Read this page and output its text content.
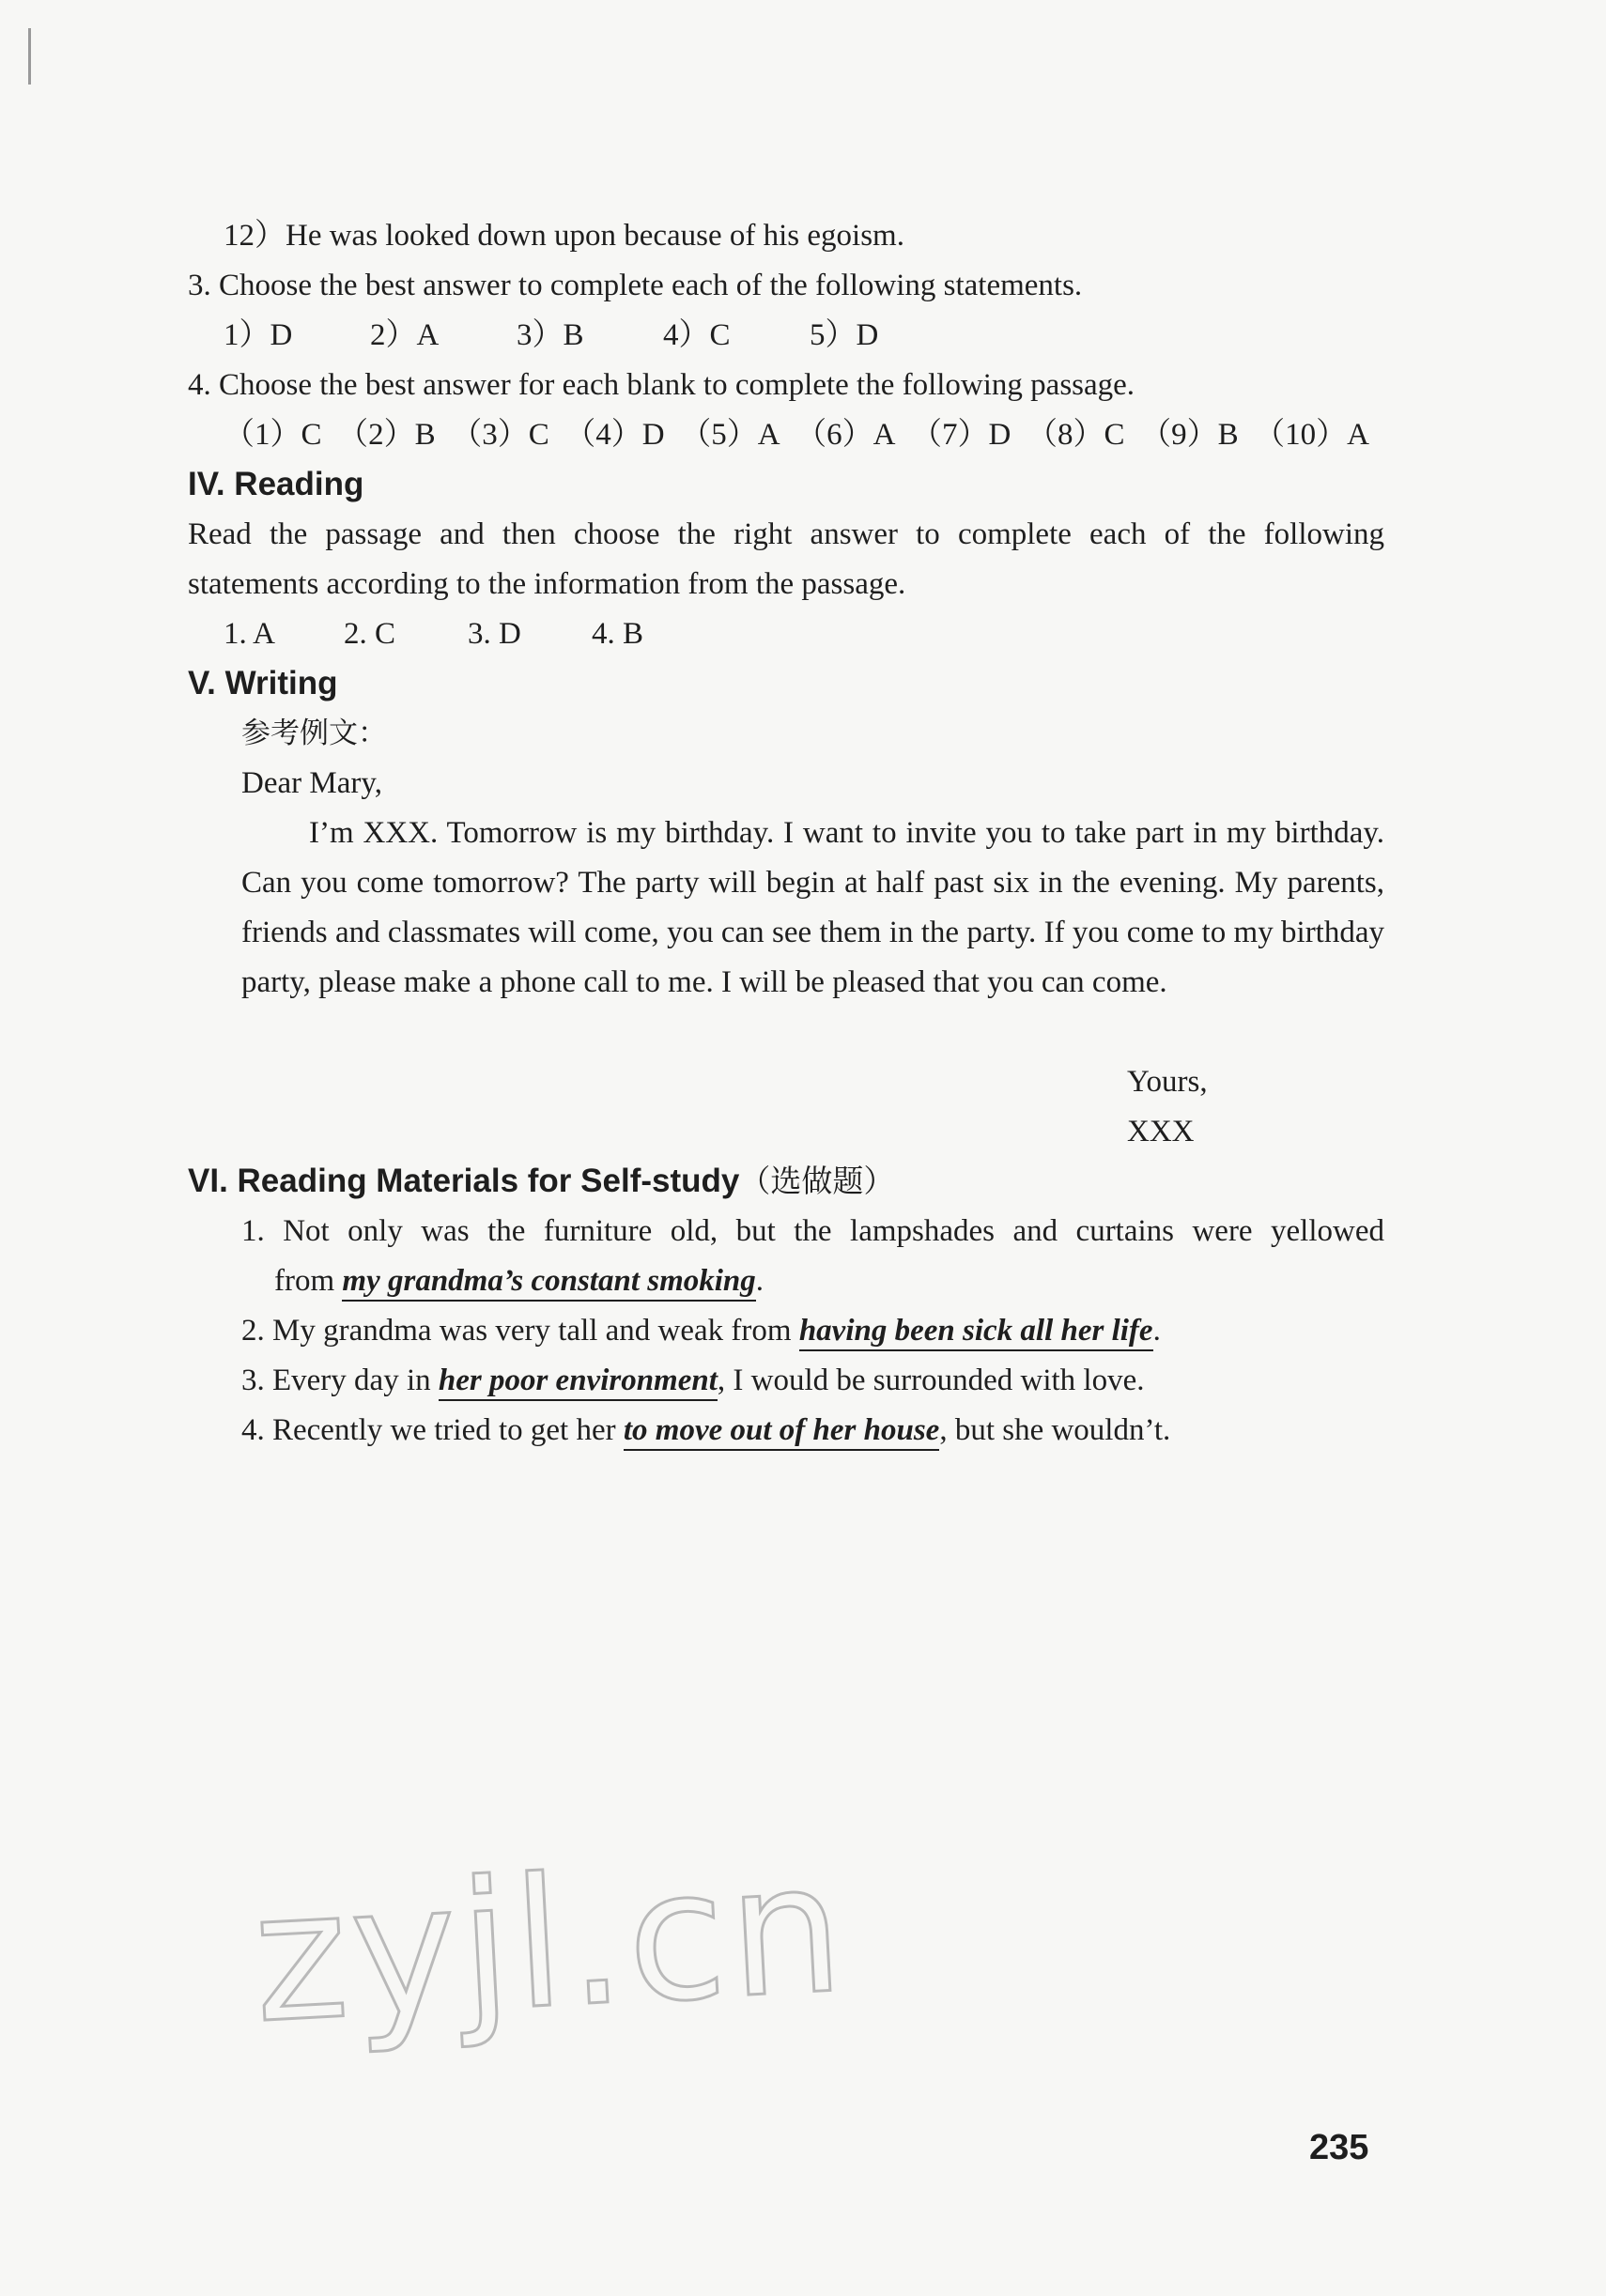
12）He was looked down upon because of his egoism.
3. Choose the best answer to complete each of the following statements.
1）D	2）A	3）B	4）C	5）D
4. Choose the best answer for each blank to complete the following passage.
（1）C （2）B （3）C （4）D （5）A （6）A （7）D （8）C （9）B （10）A
IV. Reading
Read the passage and then choose the right answer to complete each of the following
statements according to the information from the passage.
1. A 2. C 3. D 4. B
V. Writing
参考例文：
Dear Mary,
I’m XXX. Tomorrow is my birthday. I want to invite you to take part in my birthday. Can you come tomorrow? The party will begin at half past six in the evening. My parents, friends and classmates will come, you can see them in the party. If you come to my birthday party, please make a phone call to me. I will be pleased that you can come.
Yours,
XXX
VI. Reading Materials for Self-study（选做题）
1. Not only was the furniture old, but the lampshades and curtains were yellowed
from my grandma’s constant smoking.
2. My grandma was very tall and weak from having been sick all her life.
3. Every day in her poor environment, I would be surrounded with love.
4. Recently we tried to get her to move out of her house, but she wouldn’t.
zyjl.cn
235
